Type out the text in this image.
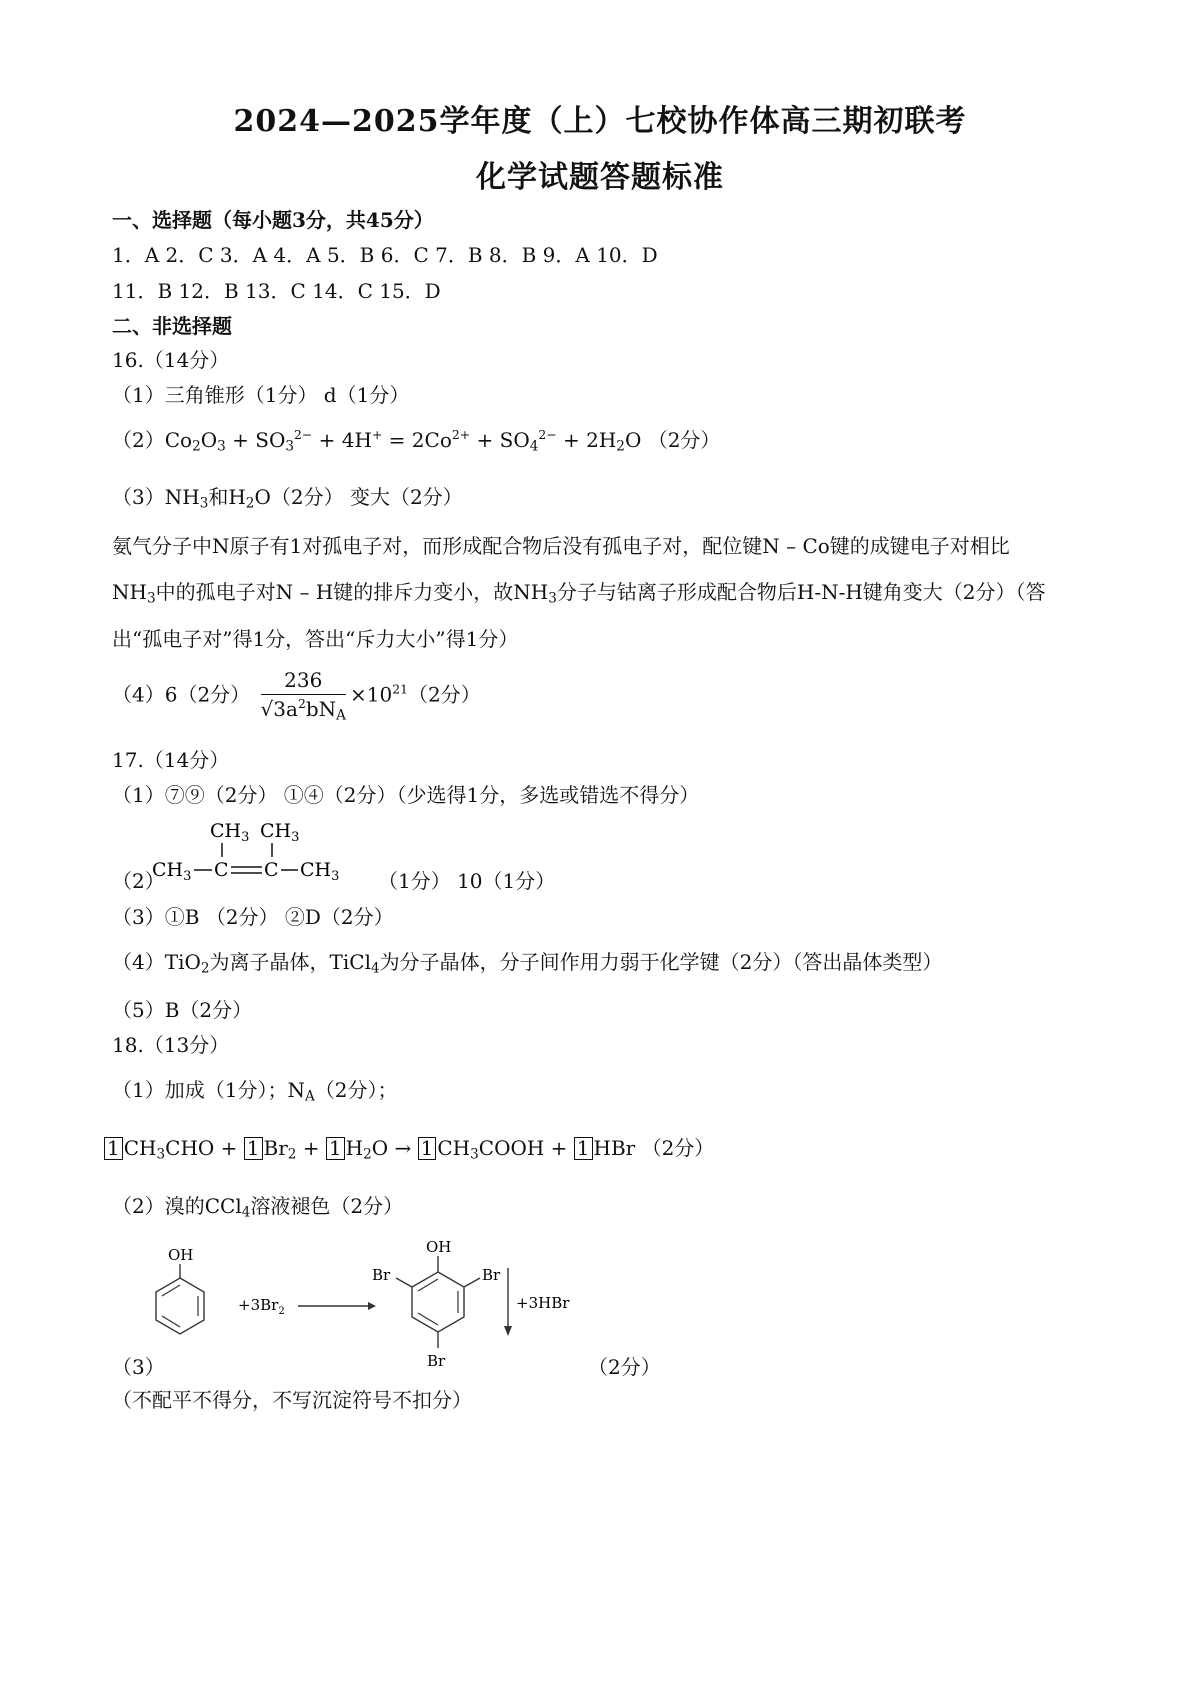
2024—2025学年度（上）七校协作体高三期初联考
化学试题答题标准
一、选择题（每小题3分，共45分）
1．A 2．C 3．A 4．A 5．B 6．C 7．B 8．B 9．A 10．D
11．B 12．B 13．C 14．C 15．D
二、非选择题
16.（14分）
（1）三角锥形（1分） d（1分）
$(2)Co_2O_3 + SO_3^{2-} + 4H^+ = 2Co^{2+} + SO_4^{2-} + 2H_2O$ （2分）
$(3)NH_3$和$H_2O(2$分） 变大（2分）
氨气分子中N原子有1对孤电子对，而形成配合物后没有孤电子对，配位键N – Co键的成键电子对相比
$NH_3$中的孤电子对N – H键的排斥力变小，故$NH_3$分子与钴离子形成配合物后H-N-H键角变大（2分）（答
出“孤电子对”得1分，答出“斥力大小”得1分）
（4）6（2分） $\frac{236}{√3a^2bN_A} \times 10^{21}(2$分）
17.（14分）
（1）⑦⑨（2分） ①④（2分）（少选得1分，多选或错选不得分）
$CH_3$ $CH_3$
$CH_3$ C C $CH_3$
（2）	（1分） 10（1分）
（3）①B （2分） ②D（2分）
（4）TiO$_2$为离子晶体，TiCl$_4$为分子晶体，分子间作用力弱于化学键（2分）（答出晶体类型）
（5）B（2分）
18.（13分）
（1）加成（1分）；$N_A(2$分）；
1 $CH_3CHO + 1$ $Br_2 + 1$ $H_2O \to 1$ $CH_3COOH + 1$ HBr （2分）
（2）溴的CCl$_4$溶液褪色（2分）
OH
$+3Br_2$
OH
Br	Br
Br
+3HBr
（3）	（2分）
（不配平不得分，不写沉淀符号不扣分）
